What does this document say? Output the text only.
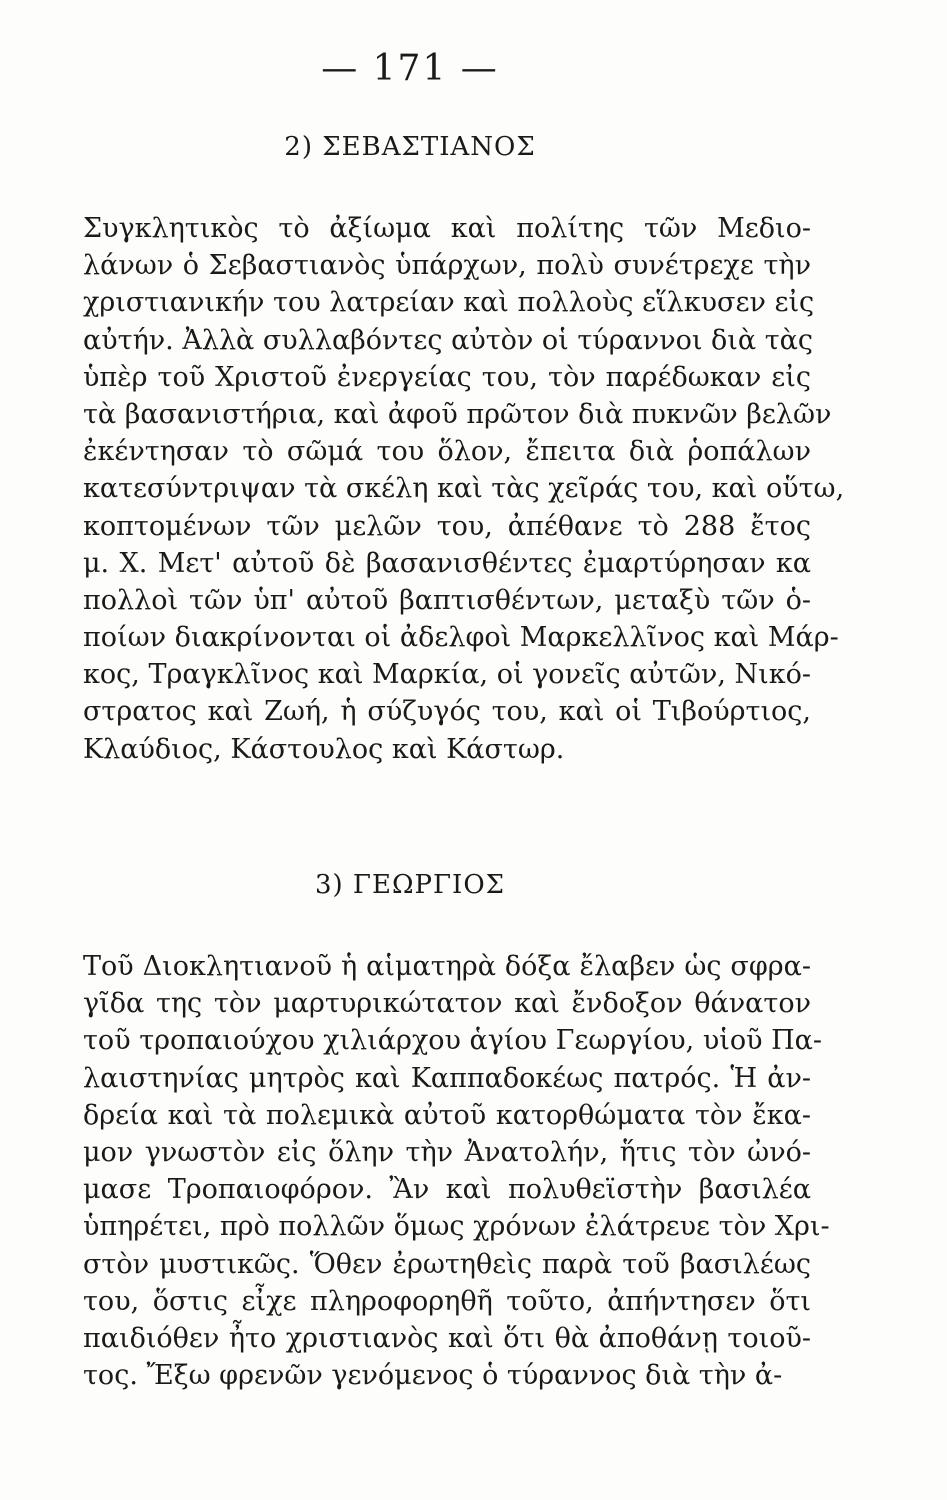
— 171 —
2) ΣΕΒΑΣΤΙΑΝΟΣ
Συγκλητικὸς τὸ ἀξίωμα καὶ πολίτης τῶν Μεδιο-
λάνων ὁ Σεβαστιανὸς ὑπάρχων, πολὺ συνέτρεχε τὴν
χριστιανικήν του λατρείαν καὶ πολλοὺς εἵλκυσεν εἰς
αὐτήν. Ἀλλὰ συλλαβόντες αὐτὸν οἱ τύραννοι διὰ τὰς
ὑπὲρ τοῦ Χριστοῦ ἐνεργείας του, τὸν παρέδωκαν εἰς
τὰ βασανιστήρια, καὶ ἀφοῦ πρῶτον διὰ πυκνῶν βελῶν
ἐκέντησαν τὸ σῶμά του ὅλον, ἔπειτα διὰ ῥοπάλων
κατεσύντριψαν τὰ σκέλη καὶ τὰς χεῖράς του, καὶ οὕτω,
κοπτομένων τῶν μελῶν του, ἀπέθανε τὸ 288 ἔτος
μ. Χ. Μετ' αὐτοῦ δὲ βασανισθέντες ἐμαρτύρησαν κα
πολλοὶ τῶν ὑπ' αὐτοῦ βαπτισθέντων, μεταξὺ τῶν ὁ-
ποίων διακρίνονται οἱ ἀδελφοὶ Μαρκελλῖνος καὶ Μάρ-
κος, Τραγκλῖνος καὶ Μαρκία, οἱ γονεῖς αὐτῶν, Νικό-
στρατος καὶ Ζωή, ἡ σύζυγός του, καὶ οἱ Τιβούρτιος,
Κλαύδιος, Κάστουλος καὶ Κάστωρ.
3) ΓΕΩΡΓΙΟΣ
Τοῦ Διοκλητιανοῦ ἡ αἱματηρὰ δόξα ἔλαβεν ὡς σφρα-
γῖδα της τὸν μαρτυρικώτατον καὶ ἔνδοξον θάνατον
τοῦ τροπαιούχου χιλιάρχου ἁγίου Γεωργίου, υἱοῦ Πα-
λαιστηνίας μητρὸς καὶ Καππαδοκέως πατρός. Ἡ ἀν-
δρεία καὶ τὰ πολεμικὰ αὐτοῦ κατορθώματα τὸν ἔκα-
μον γνωστὸν εἰς ὅλην τὴν Ἀνατολήν, ἥτις τὸν ὠνό-
μασε Τροπαιοφόρον. Ἂν καὶ πολυθεϊστὴν βασιλέα
ὑπηρέτει, πρὸ πολλῶν ὅμως χρόνων ἐλάτρευε τὸν Χρι-
στὸν μυστικῶς. Ὅθεν ἐρωτηθεὶς παρὰ τοῦ βασιλέως
του, ὅστις εἶχε πληροφορηθῆ τοῦτο, ἀπήντησεν ὅτι
παιδιόθεν ἦτο χριστιανὸς καὶ ὅτι θὰ ἀποθάνῃ τοιοῦ-
τος. Ἔξω φρενῶν γενόμενος ὁ τύραννος διὰ τὴν ἀ-
